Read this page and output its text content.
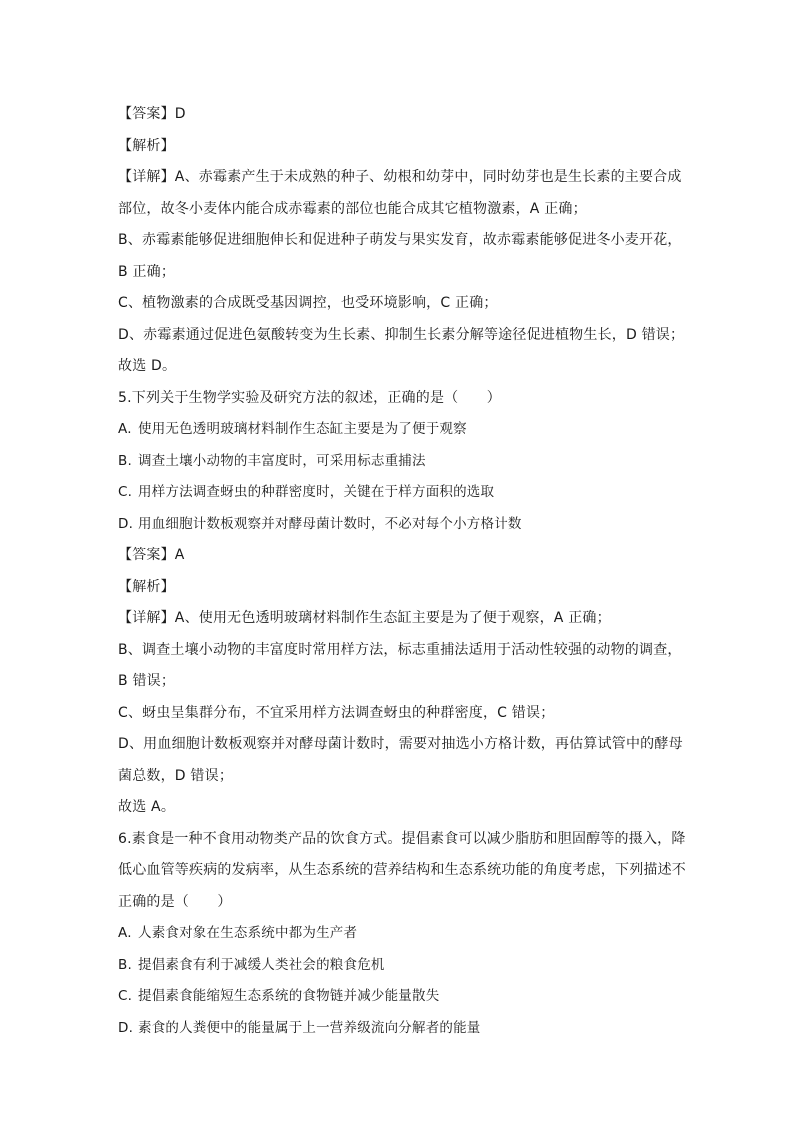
【答案】D
【解析】
【详解】A、赤霉素产生于未成熟的种子、幼根和幼芽中，同时幼芽也是生长素的主要合成
部位，故冬小麦体内能合成赤霉素的部位也能合成其它植物激素，A 正确；
B、赤霉素能够促进细胞伸长和促进种子萌发与果实发育，故赤霉素能够促进冬小麦开花，
B 正确；
C、植物激素的合成既受基因调控，也受环境影响，C 正确；
D、赤霉素通过促进色氨酸转变为生长素、抑制生长素分解等途径促进植物生长，D 错误；
故选 D。
5.下列关于生物学实验及研究方法的叙述，正确的是（　　）
A. 使用无色透明玻璃材料制作生态缸主要是为了便于观察
B. 调查土壤小动物的丰富度时，可采用标志重捕法
C. 用样方法调查蚜虫的种群密度时，关键在于样方面积的选取
D. 用血细胞计数板观察并对酵母菌计数时，不必对每个小方格计数
【答案】A
【解析】
【详解】A、使用无色透明玻璃材料制作生态缸主要是为了便于观察，A 正确；
B、调查土壤小动物的丰富度时常用样方法，标志重捕法适用于活动性较强的动物的调查，
B 错误；
C、蚜虫呈集群分布，不宜采用样方法调查蚜虫的种群密度，C 错误；
D、用血细胞计数板观察并对酵母菌计数时，需要对抽选小方格计数，再估算试管中的酵母
菌总数，D 错误；
故选 A。
6.素食是一种不食用动物类产品的饮食方式。提倡素食可以减少脂肪和胆固醇等的摄入，降
低心血管等疾病的发病率，从生态系统的营养结构和生态系统功能的角度考虑，下列描述不
正确的是（　　）
A. 人素食对象在生态系统中都为生产者
B. 提倡素食有利于减缓人类社会的粮食危机
C. 提倡素食能缩短生态系统的食物链并减少能量散失
D. 素食的人粪便中的能量属于上一营养级流向分解者的能量
